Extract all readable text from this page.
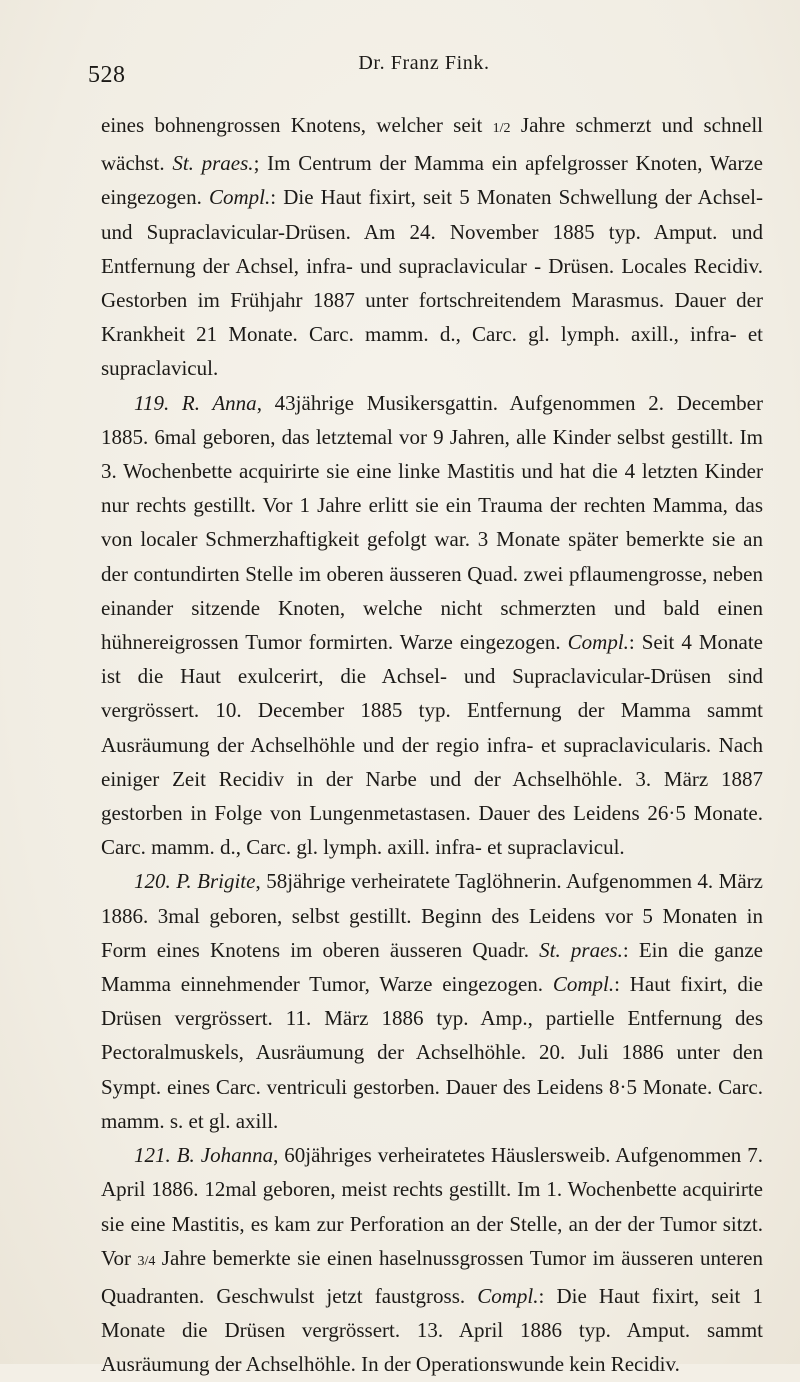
528	Dr. Franz Fink.

eines bohnengrossen Knotens, welcher seit 1/2 Jahre schmerzt und schnell wächst. St. praes.; Im Centrum der Mamma ein apfelgrosser Knoten, Warze eingezogen. Compl.: Die Haut fixirt, seit 5 Monaten Schwellung der Achsel- und Supraclavicular-Drüsen. Am 24. November 1885 typ. Amput. und Entfernung der Achsel, infra- und supraclavicular - Drüsen. Locales Recidiv. Gestorben im Frühjahr 1887 unter fortschreitendem Marasmus. Dauer der Krankheit 21 Monate. Carc. mamm. d., Carc. gl. lymph. axill., infra- et supraclavicul.

119. R. Anna, 43jährige Musikersgattin. Aufgenommen 2. December 1885. 6mal geboren, das letztemal vor 9 Jahren, alle Kinder selbst gestillt. Im 3. Wochenbette acquirirte sie eine linke Mastitis und hat die 4 letzten Kinder nur rechts gestillt. Vor 1 Jahre erlitt sie ein Trauma der rechten Mamma, das von localer Schmerzhaftigkeit gefolgt war. 3 Monate später bemerkte sie an der contundirten Stelle im oberen äusseren Quad. zwei pflaumengrosse, neben einander sitzende Knoten, welche nicht schmerzten und bald einen hühnereigrossen Tumor formirten. Warze eingezogen. Compl.: Seit 4 Monate ist die Haut exulcerirt, die Achsel- und Supraclavicular-Drüsen sind vergrössert. 10. December 1885 typ. Entfernung der Mamma sammt Ausräumung der Achselhöhle und der regio infra- et supraclavicularis. Nach einiger Zeit Recidiv in der Narbe und der Achselhöhle. 3. März 1887 gestorben in Folge von Lungenmetastasen. Dauer des Leidens 26·5 Monate. Carc. mamm. d., Carc. gl. lymph. axill. infra- et supraclavicul.

120. P. Brigite, 58jährige verheiratete Taglöhnerin. Aufgenommen 4. März 1886. 3mal geboren, selbst gestillt. Beginn des Leidens vor 5 Monaten in Form eines Knotens im oberen äusseren Quadr. St. praes.: Ein die ganze Mamma einnehmender Tumor, Warze eingezogen. Compl.: Haut fixirt, die Drüsen vergrössert. 11. März 1886 typ. Amp., partielle Entfernung des Pectoralmuskels, Ausräumung der Achselhöhle. 20. Juli 1886 unter den Sympt. eines Carc. ventriculi gestorben. Dauer des Leidens 8·5 Monate. Carc. mamm. s. et gl. axill.

121. B. Johanna, 60jähriges verheiratetes Häuslersweib. Aufgenommen 7. April 1886. 12mal geboren, meist rechts gestillt. Im 1. Wochenbette acquirirte sie eine Mastitis, es kam zur Perforation an der Stelle, an der der Tumor sitzt. Vor 3/4 Jahre bemerkte sie einen haselnussgrossen Tumor im äusseren unteren Quadranten. Geschwulst jetzt faustgross. Compl.: Die Haut fixirt, seit 1 Monate die Drüsen vergrössert. 13. April 1886 typ. Amput. sammt Ausräumung der Achselhöhle. In der Operationswunde kein Recidiv.
